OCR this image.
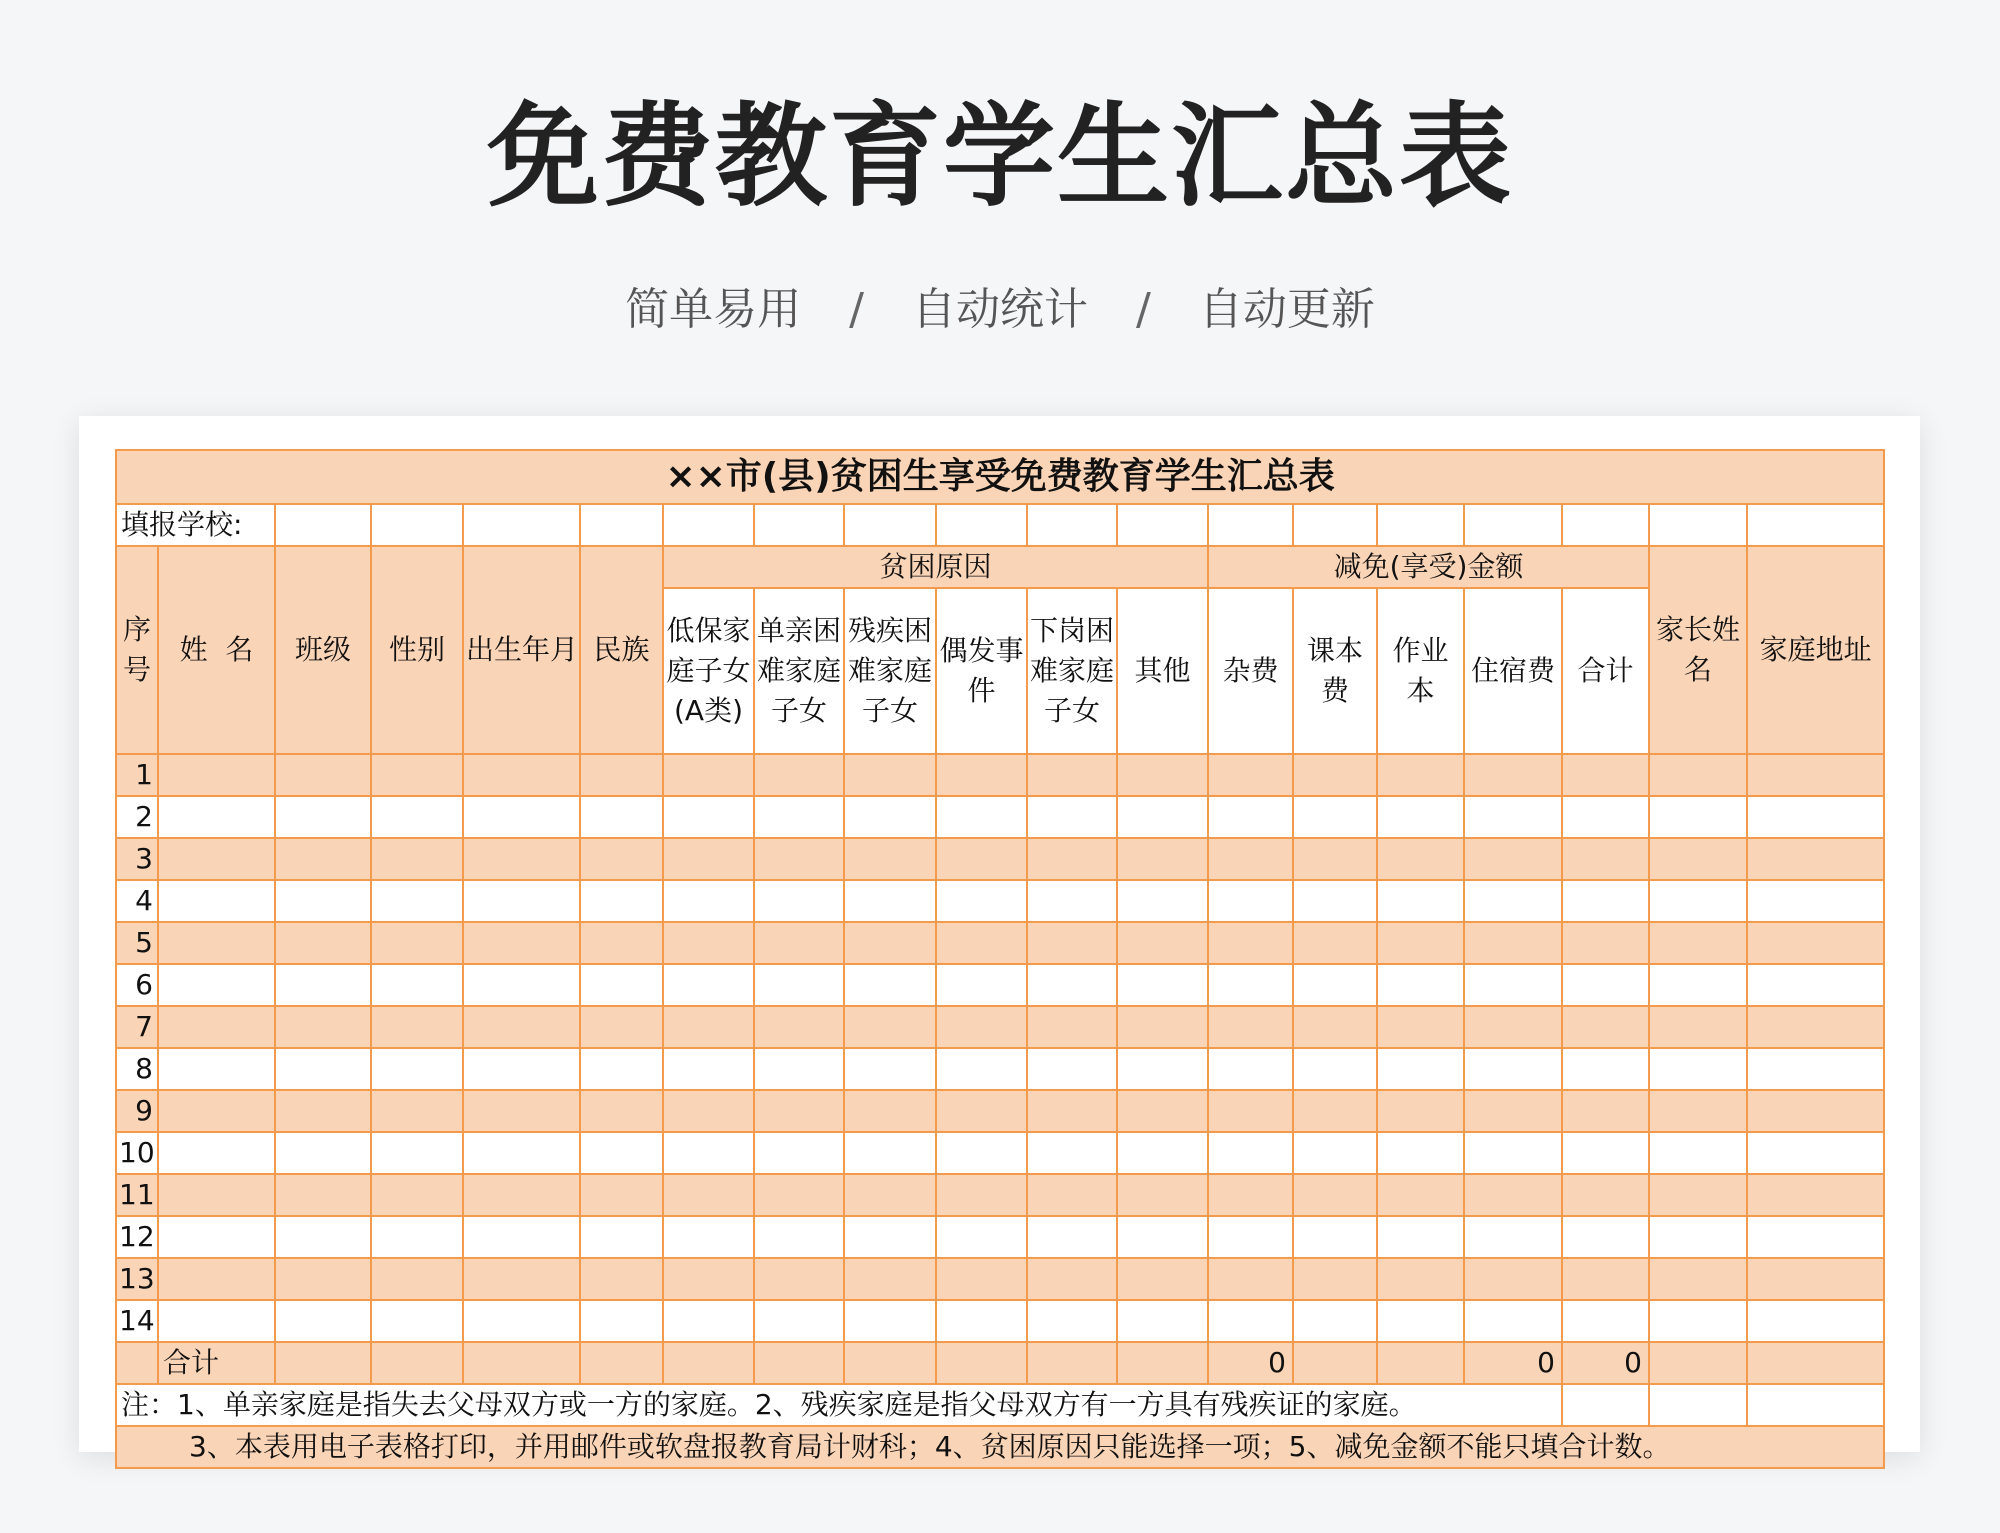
免费教育学生汇总表
简单易用 / 自动统计 / 自动更新
××市(县)贫困生享受免费教育学生汇总表																		
填报学校:																		
序号	姓  名	班级	性别	出生年月	民族	贫困原因						减免(享受)金额					家长姓名	家庭地址
						低保家庭子女(A类)	单亲困难家庭子女	残疾困难家庭子女	偶发事件	下岗困难家庭子女	其他	杂费	课本费	作业本	住宿费	合计		
1																		
2																		
3																		
4																		
5																		
6																		
7																		
8																		
9																		
10																		
11																		
12																		
13																		
14																		
	合计											0			0	0		
注：1、单亲家庭是指失去父母双方或一方的家庭。2、残疾家庭是指父母双方有一方具有残疾证的家庭。																		
3、本表用电子表格打印，并用邮件或软盘报教育局计财科；4、贫困原因只能选择一项；5、减免金额不能只填合计数。																		
